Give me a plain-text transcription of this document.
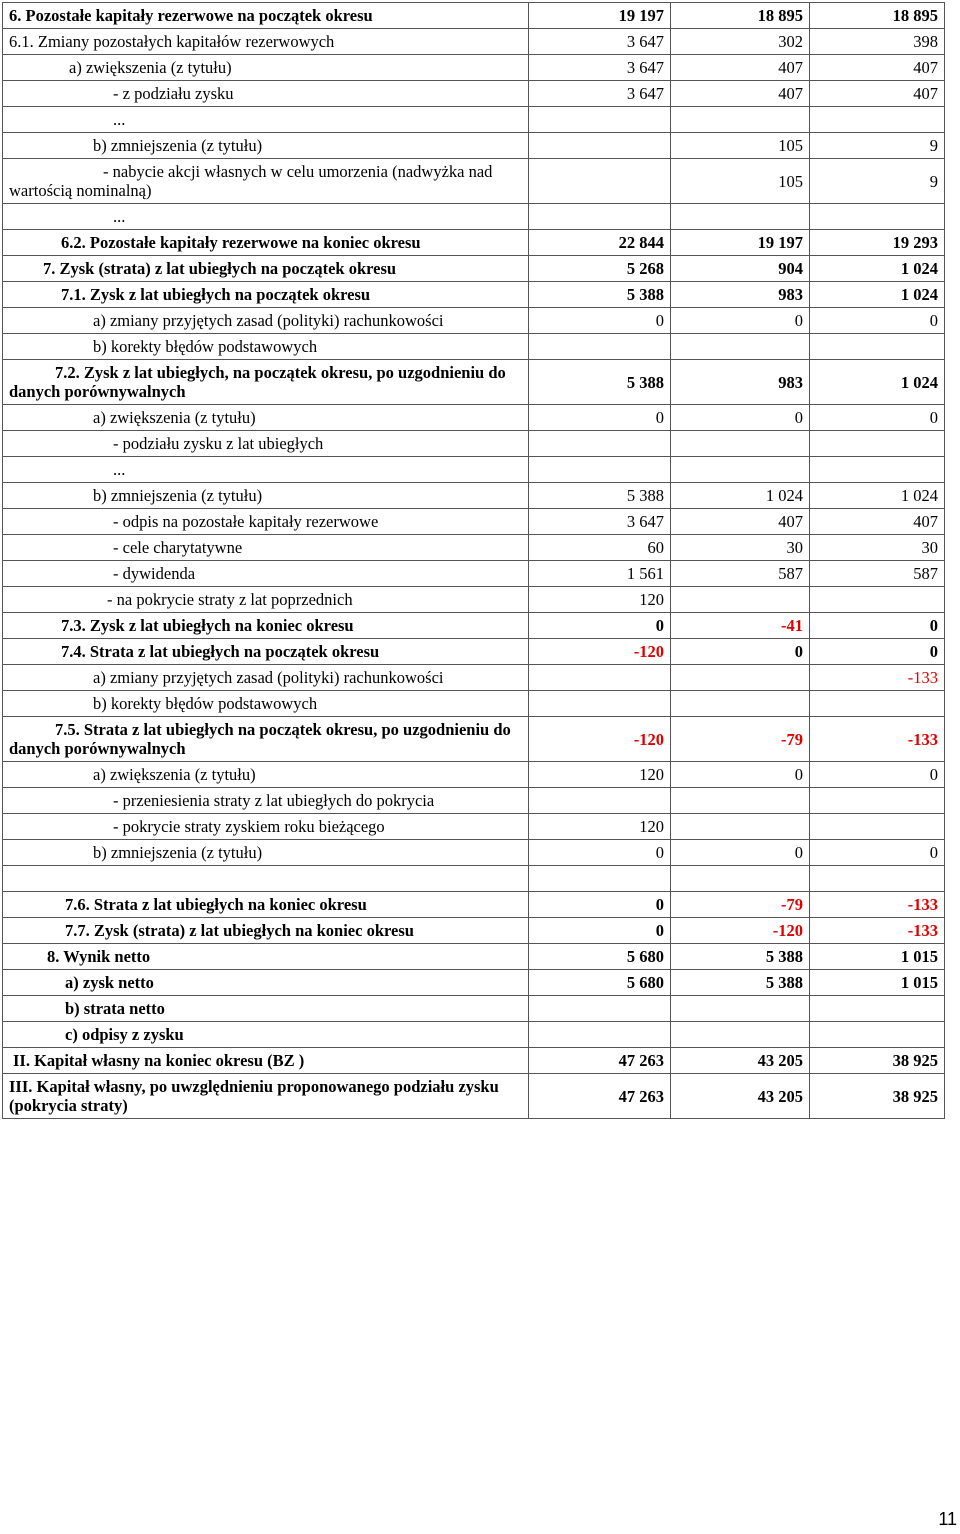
6. Pozostałe kapitały rezerwowe na początek okresu	19 197	18 895	18 895
6.1. Zmiany pozostałych kapitałów rezerwowych	3 647	302	398
a) zwiększenia (z tytułu)	3 647	407	407
- z podziału zysku	3 647	407	407
...			
b) zmniejszenia (z tytułu)		105	9
- nabycie akcji własnych w celu umorzenia (nadwyżka nad wartością nominalną)		105	9
...			
6.2. Pozostałe kapitały rezerwowe na koniec okresu	22 844	19 197	19 293
7. Zysk (strata) z lat ubiegłych na początek okresu	5 268	904	1 024
7.1. Zysk z lat ubiegłych na początek okresu	5 388	983	1 024
a) zmiany przyjętych zasad (polityki) rachunkowości	0	0	0
b) korekty błędów podstawowych			
7.2. Zysk z lat ubiegłych, na początek okresu, po uzgodnieniu do danych porównywalnych	5 388	983	1 024
a) zwiększenia (z tytułu)	0	0	0
- podziału zysku z lat ubiegłych			
...			
b) zmniejszenia (z tytułu)	5 388	1 024	1 024
- odpis na pozostałe kapitały rezerwowe	3 647	407	407
- cele charytatywne	60	30	30
- dywidenda	1 561	587	587
- na pokrycie straty z lat poprzednich	120		
7.3. Zysk z lat ubiegłych na koniec okresu	0	-41	0
7.4. Strata z lat ubiegłych na początek okresu	-120	0	0
a) zmiany przyjętych zasad (polityki) rachunkowości			-133
b) korekty błędów podstawowych			
7.5. Strata z lat ubiegłych na początek okresu, po uzgodnieniu do danych porównywalnych	-120	-79	-133
a) zwiększenia (z tytułu)	120	0	0
- przeniesienia straty z lat ubiegłych do pokrycia			
- pokrycie straty zyskiem roku bieżącego	120		
b) zmniejszenia (z tytułu)	0	0	0

7.6. Strata z lat ubiegłych na koniec okresu	0	-79	-133
7.7. Zysk (strata) z lat ubiegłych na koniec okresu	0	-120	-133
8. Wynik netto	5 680	5 388	1 015
a) zysk netto	5 680	5 388	1 015
b) strata netto			
c) odpisy z zysku			
II. Kapitał własny na koniec okresu (BZ )	47 263	43 205	38 925
III. Kapitał własny, po uwzględnieniu proponowanego podziału zysku (pokrycia straty)	47 263	43 205	38 925
11
